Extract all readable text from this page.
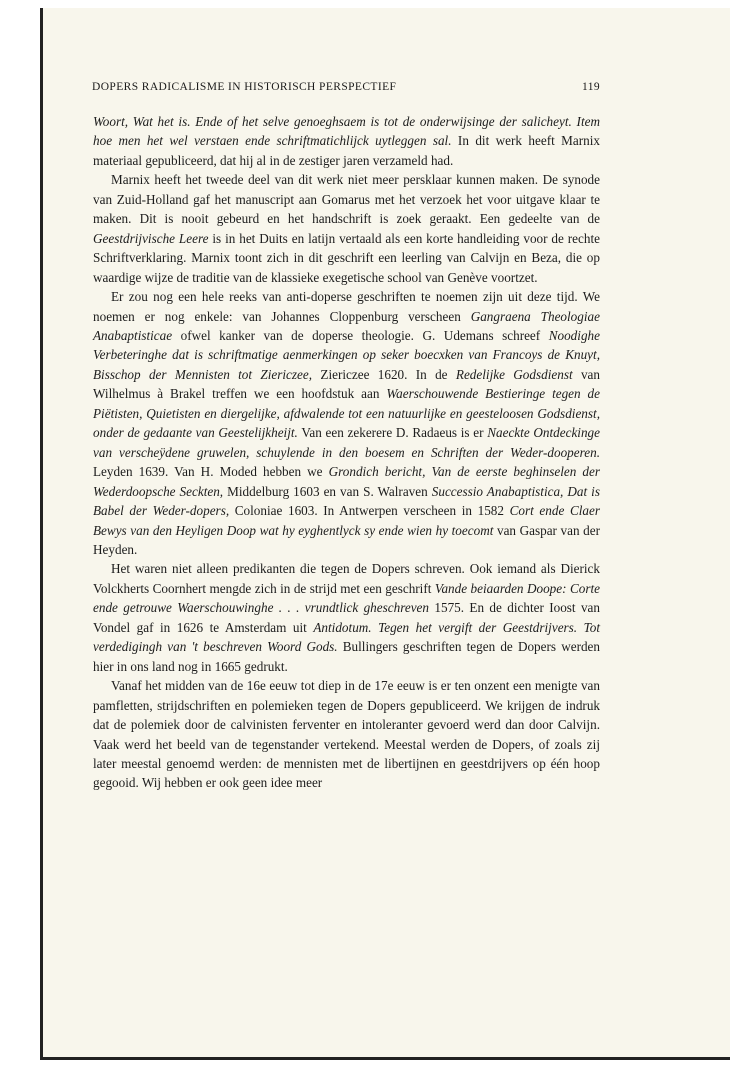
DOPERS RADICALISME IN HISTORISCH PERSPECTIEF	119

Woort, Wat het is. Ende of het selve genoeghsaem is tot de onderwijsinge der salicheyt. Item hoe men het wel verstaen ende schriftmatichlijck uytleggen sal. In dit werk heeft Marnix materiaal gepubliceerd, dat hij al in de zestiger jaren verzameld had.

Marnix heeft het tweede deel van dit werk niet meer persklaar kunnen maken. De synode van Zuid-Holland gaf het manuscript aan Gomarus met het verzoek het voor uitgave klaar te maken. Dit is nooit gebeurd en het handschrift is zoek geraakt. Een gedeelte van de Geestdrijvische Leere is in het Duits en latijn vertaald als een korte handleiding voor de rechte Schriftverklaring. Marnix toont zich in dit geschrift een leerling van Calvijn en Beza, die op waardige wijze de traditie van de klassieke exegetische school van Genève voortzet.

Er zou nog een hele reeks van anti-doperse geschriften te noemen zijn uit deze tijd. We noemen er nog enkele: van Johannes Cloppenburg verscheen Gangraena Theologiae Anabaptisticae ofwel kanker van de doperse theologie. G. Udemans schreef Noodighe Verbeteringhe dat is schriftmatige aenmerkingen op seker boecxken van Francoys de Knuyt, Bisschop der Mennisten tot Ziericzee, Ziericzee 1620. In de Redelijke Godsdienst van Wilhelmus à Brakel treffen we een hoofdstuk aan Waerschouwende Bestieringe tegen de Piëtisten, Quietisten en diergelijke, afdwalende tot een natuurlijke en geesteloosen Godsdienst, onder de gedaante van Geestelijkheijt. Van een zekerere D. Radaeus is er Naeckte Ontdeckinge van verscheÿdene gruwelen, schuylende in den boesem en Schriften der Weder-dooperen. Leyden 1639. Van H. Moded hebben we Grondich bericht, Van de eerste beghinselen der Wederdoopsche Seckten, Middelburg 1603 en van S. Walraven Successio Anabaptistica, Dat is Babel der Weder-dopers, Coloniae 1603. In Antwerpen verscheen in 1582 Cort ende Claer Bewys van den Heyligen Doop wat hy eyghentlyck sy ende wien hy toecomt van Gaspar van der Heyden.

Het waren niet alleen predikanten die tegen de Dopers schreven. Ook iemand als Dierick Volckherts Coornhert mengde zich in de strijd met een geschrift Vande beiaarden Doope: Corte ende getrouwe Waerschouwinghe . . . vrundtlick gheschreven 1575. En de dichter Ioost van Vondel gaf in 1626 te Amsterdam uit Antidotum. Tegen het vergift der Geestdrijvers. Tot verdedigingh van 't beschreven Woord Gods. Bullingers geschriften tegen de Dopers werden hier in ons land nog in 1665 gedrukt.

Vanaf het midden van de 16e eeuw tot diep in de 17e eeuw is er ten onzent een menigte van pamfletten, strijdschriften en polemieken tegen de Dopers gepubliceerd. We krijgen de indruk dat de polemiek door de calvinisten ferventer en intoleranter gevoerd werd dan door Calvijn. Vaak werd het beeld van de tegenstander vertekend. Meestal werden de Dopers, of zoals zij later meestal genoemd werden: de mennisten met de libertijnen en geestdrijvers op één hoop gegooid. Wij hebben er ook geen idee meer
